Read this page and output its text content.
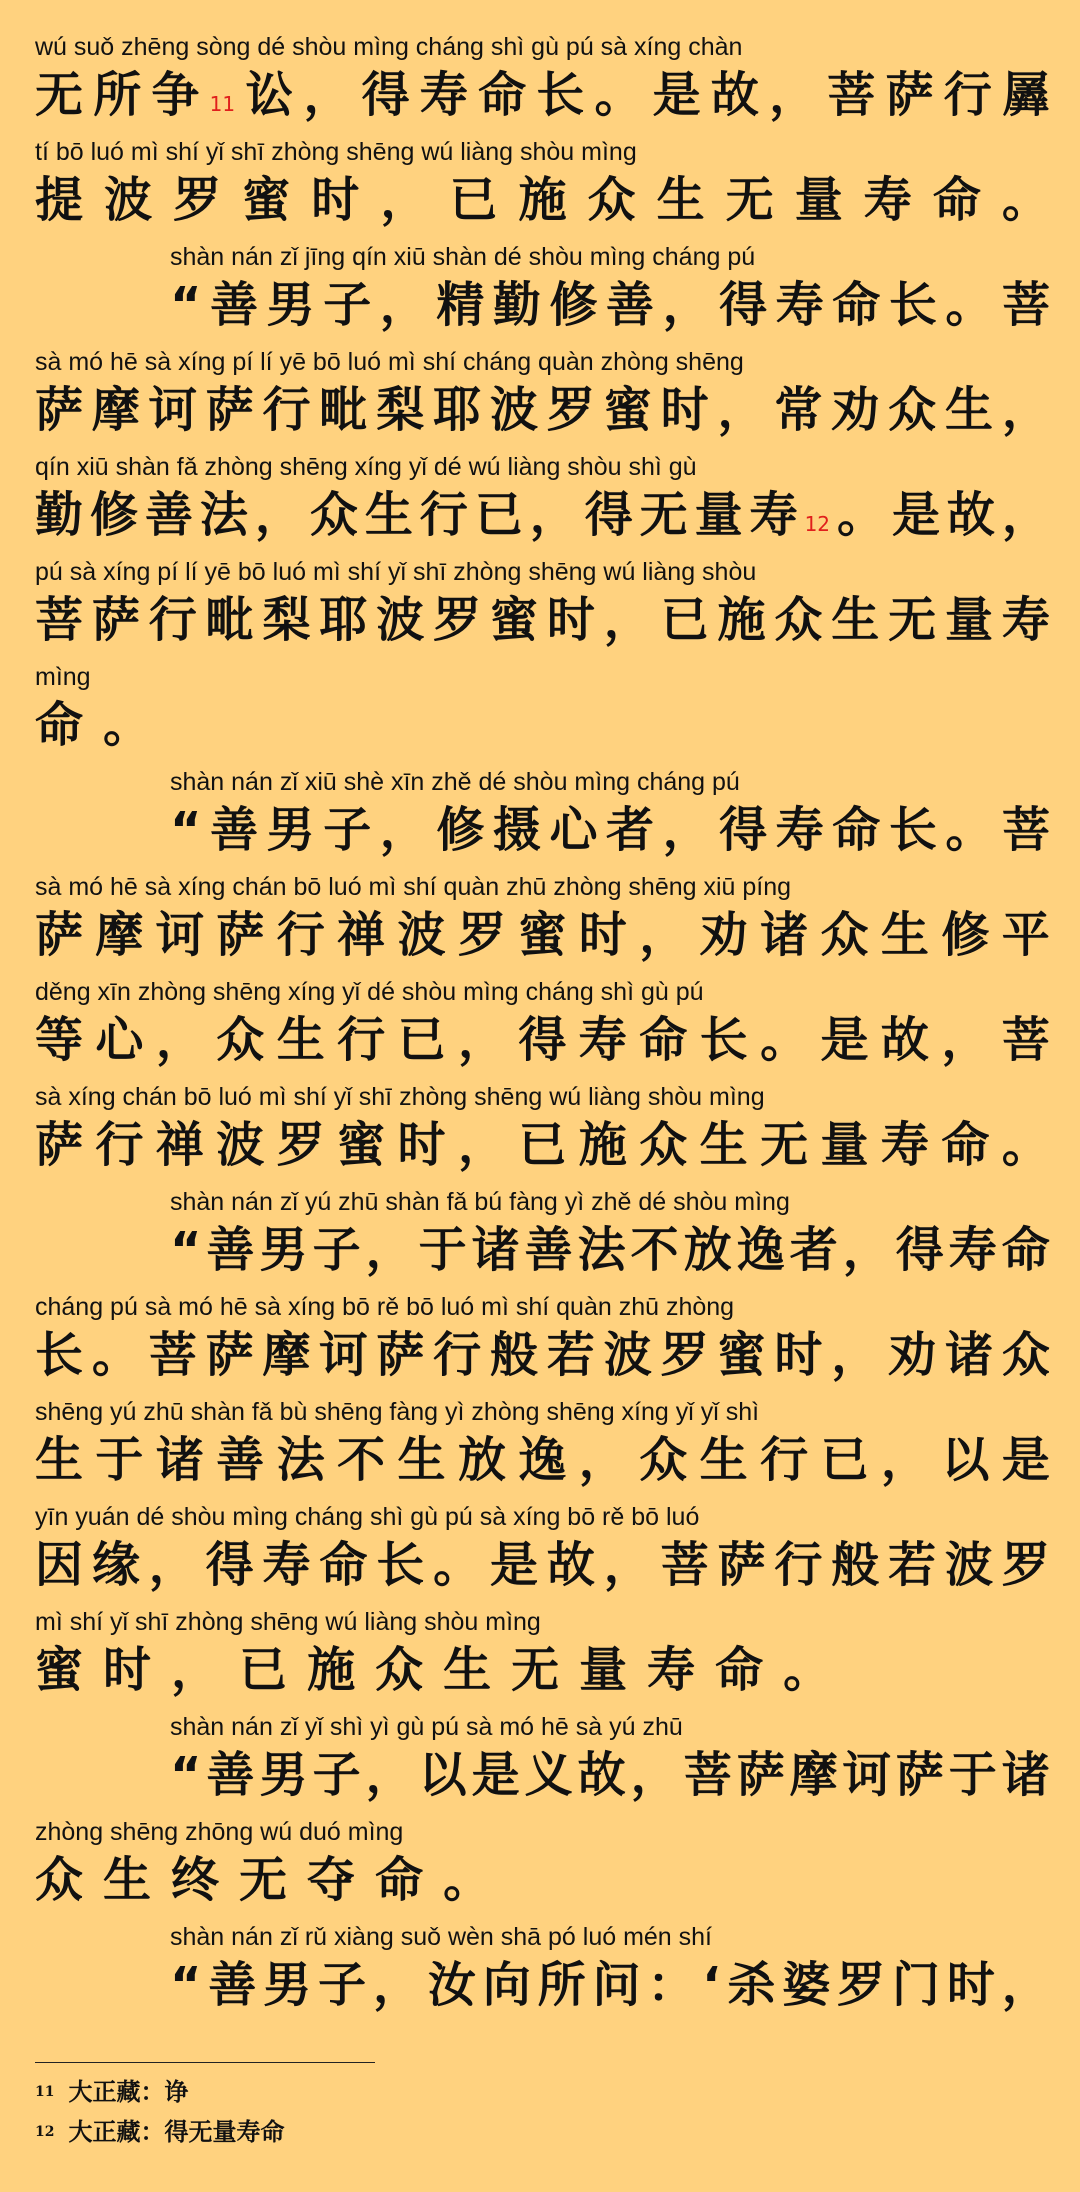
wú suǒ zhēng sòng dé shòu mìng cháng shì gù pú sà xíng chàn
无 所 争 11 讼 ， 得 寿 命 长 。 是 故 ， 菩 萨 行 羼
tí bō luó mì shí yǐ shī zhòng shēng wú liàng shòu mìng
提 波 罗 蜜 时 ， 已 施 众 生 无 量 寿 命 。
shàn nán zǐ jīng qín xiū shàn dé shòu mìng cháng pú
“ 善 男 子 ， 精 勤 修 善 ， 得 寿 命 长 。 菩
sà mó hē sà xíng pí lí yē bō luó mì shí cháng quàn zhòng shēng
萨 摩 诃 萨 行 毗 梨 耶 波 罗 蜜 时 ， 常 劝 众 生 ，
qín xiū shàn fǎ zhòng shēng xíng yǐ dé wú liàng shòu shì gù
勤 修 善 法 ， 众 生 行 已 ， 得 无 量 寿 12 。 是 故 ，
pú sà xíng pí lí yē bō luó mì shí yǐ shī zhòng shēng wú liàng shòu
菩 萨 行 毗 梨 耶 波 罗 蜜 时 ， 已 施 众 生 无 量 寿
mìng
命 。
shàn nán zǐ xiū shè xīn zhě dé shòu mìng cháng pú
“ 善 男 子 ， 修 摄 心 者 ， 得 寿 命 长 。 菩
sà mó hē sà xíng chán bō luó mì shí quàn zhū zhòng shēng xiū píng
萨 摩 诃 萨 行 禅 波 罗 蜜 时 ， 劝 诸 众 生 修 平
děng xīn zhòng shēng xíng yǐ dé shòu mìng cháng shì gù pú
等 心 ， 众 生 行 已 ， 得 寿 命 长 。 是 故 ， 菩
sà xíng chán bō luó mì shí yǐ shī zhòng shēng wú liàng shòu mìng
萨 行 禅 波 罗 蜜 时 ， 已 施 众 生 无 量 寿 命 。
shàn nán zǐ yú zhū shàn fǎ bú fàng yì zhě dé shòu mìng
“ 善 男 子 ， 于 诸 善 法 不 放 逸 者 ， 得 寿 命
cháng pú sà mó hē sà xíng bō rě bō luó mì shí quàn zhū zhòng
长 。 菩 萨 摩 诃 萨 行 般 若 波 罗 蜜 时 ， 劝 诸 众
shēng yú zhū shàn fǎ bù shēng fàng yì zhòng shēng xíng yǐ yǐ shì
生 于 诸 善 法 不 生 放 逸 ， 众 生 行 已 ， 以 是
yīn yuán dé shòu mìng cháng shì gù pú sà xíng bō rě bō luó
因 缘 ， 得 寿 命 长 。 是 故 ， 菩 萨 行 般 若 波 罗
mì shí yǐ shī zhòng shēng wú liàng shòu mìng
蜜 时 ， 已 施 众 生 无 量 寿 命 。
shàn nán zǐ yǐ shì yì gù pú sà mó hē sà yú zhū
“ 善 男 子 ， 以 是 义 故 ， 菩 萨 摩 诃 萨 于 诸
zhòng shēng zhōng wú duó mìng
众 生 终 无 夺 命 。
shàn nán zǐ rǔ xiàng suǒ wèn shā pó luó mén shí
“ 善 男 子 ， 汝 向 所 问 ： ‘ 杀 婆 罗 门 时 ，
$^{11}$ 大正藏：诤
$^{12}$ 大正藏：得无量寿命
